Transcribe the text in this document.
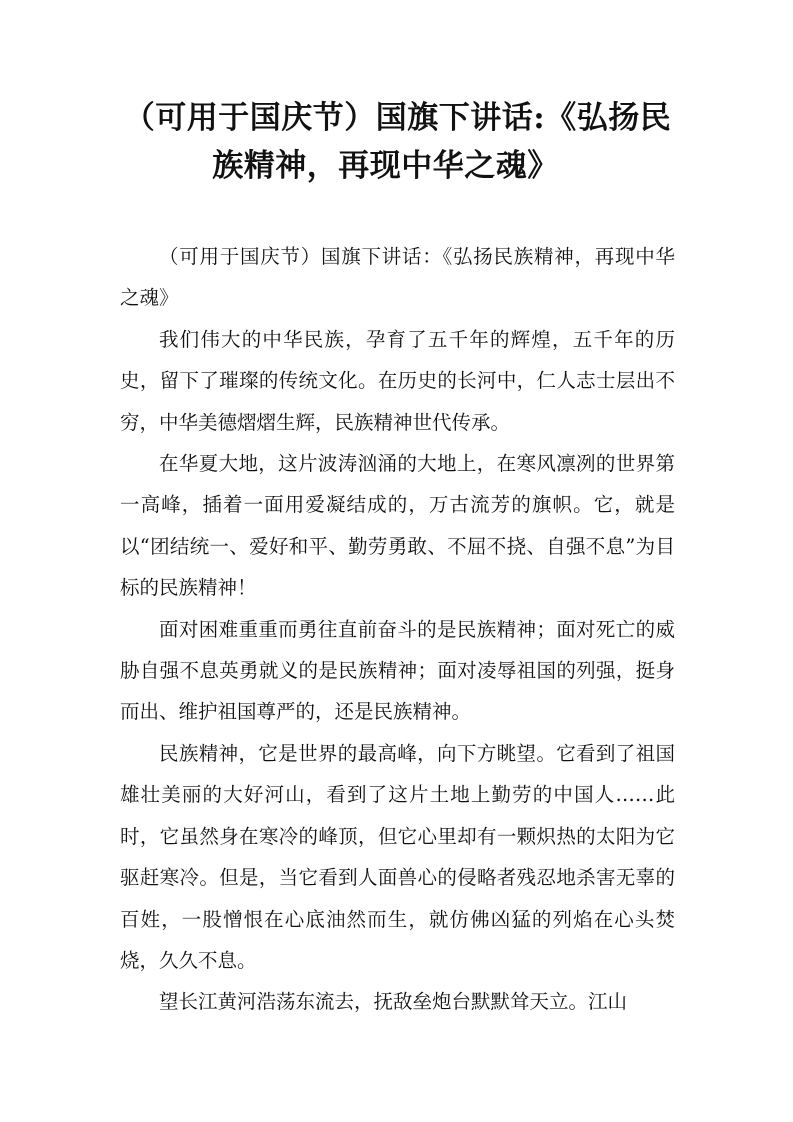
（可用于国庆节）国旗下讲话:《弘扬民
族精神，再现中华之魂》

（可用于国庆节）国旗下讲话：《弘扬民族精神，再现中华之魂》

我们伟大的中华民族，孕育了五千年的辉煌，五千年的历史，留下了璀璨的传统文化。在历史的长河中，仁人志士层出不穷，中华美德熠熠生辉，民族精神世代传承。

在华夏大地，这片波涛汹涌的大地上，在寒风凛冽的世界第一高峰，插着一面用爱凝结成的，万古流芳的旗帜。它，就是以“团结统一、爱好和平、勤劳勇敢、不屈不挠、自强不息”为目标的民族精神！

面对困难重重而勇往直前奋斗的是民族精神；面对死亡的威胁自强不息英勇就义的是民族精神；面对凌辱祖国的列强，挺身而出、维护祖国尊严的，还是民族精神。

民族精神，它是世界的最高峰，向下方眺望。它看到了祖国雄壮美丽的大好河山，看到了这片土地上勤劳的中国人……此时，它虽然身在寒冷的峰顶，但它心里却有一颗炽热的太阳为它驱赶寒冷。但是，当它看到人面兽心的侵略者残忍地杀害无辜的百姓，一股憎恨在心底油然而生，就仿佛凶猛的列焰在心头焚烧，久久不息。

望长江黄河浩荡东流去，抚敌垒炮台默默耸天立。江山
